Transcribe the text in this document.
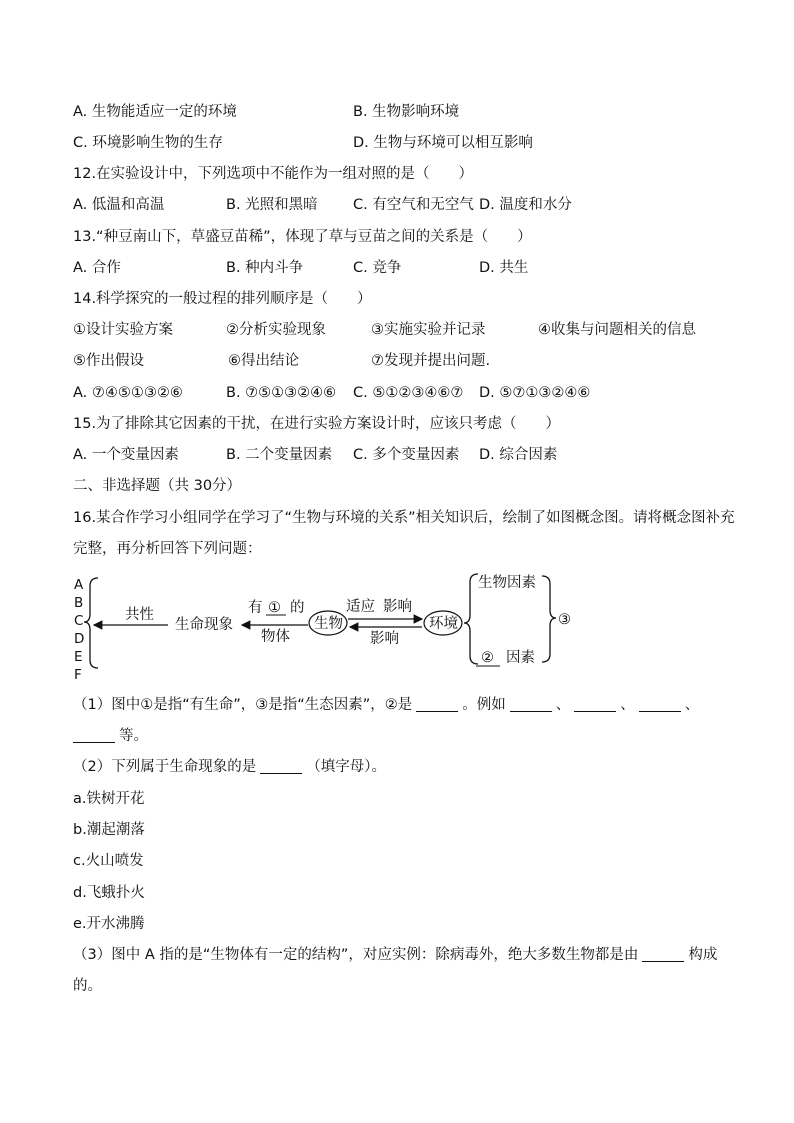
A. 生物能适应一定的环境	B. 生物影响环境
C. 环境影响生物的生存	D. 生物与环境可以相互影响
12.在实验设计中，下列选项中不能作为一组对照的是（　　）
A. 低温和高温	B. 光照和黑暗 C. 有空气和无空气 D. 温度和水分
13.“种豆南山下，草盛豆苗稀”，体现了草与豆苗之间的关系是（　　）
A. 合作	B. 种内斗争	C. 竞争	D. 共生
14.科学探究的一般过程的排列顺序是（　　）
①设计实验方案	②分析实验现象	③实施实验并记录	④收集与问题相关的信息
⑤作出假设	⑥得出结论	⑦发现并提出问题.
A. ⑦④⑤①③②⑥	B. ⑦⑤①③②④⑥ C. ⑤①②③④⑥⑦ D. ⑤⑦①③②④⑥
15.为了排除其它因素的干扰，在进行实验方案设计时，应该只考虑（　　）
A. 一个变量因素	B. 二个变量因素 C. 多个变量因素 D. 综合因素
二、非选择题（共 30分）
16.某合作学习小组同学在学习了“生物与环境的关系”相关知识后，绘制了如图概念图。请将概念图补充
完整，再分析回答下列问题：
A
B
C
D
E
F
共性
生命现象
有 ① 的
物体
生物
适应 影响
影响
环境
生物因素
② 因素
③
（1）图中①是指“有生命”，③是指“生态因素”，②是	。例如	、	、	、
等。
（2）下列属于生命现象的是	（填字母）。
a.铁树开花
b.潮起潮落
c.火山喷发
d.飞蛾扑火
e.开水沸腾
（3）图中 A 指的是“生物体有一定的结构”，对应实例：除病毒外，绝大多数生物都是由	构成
的。
